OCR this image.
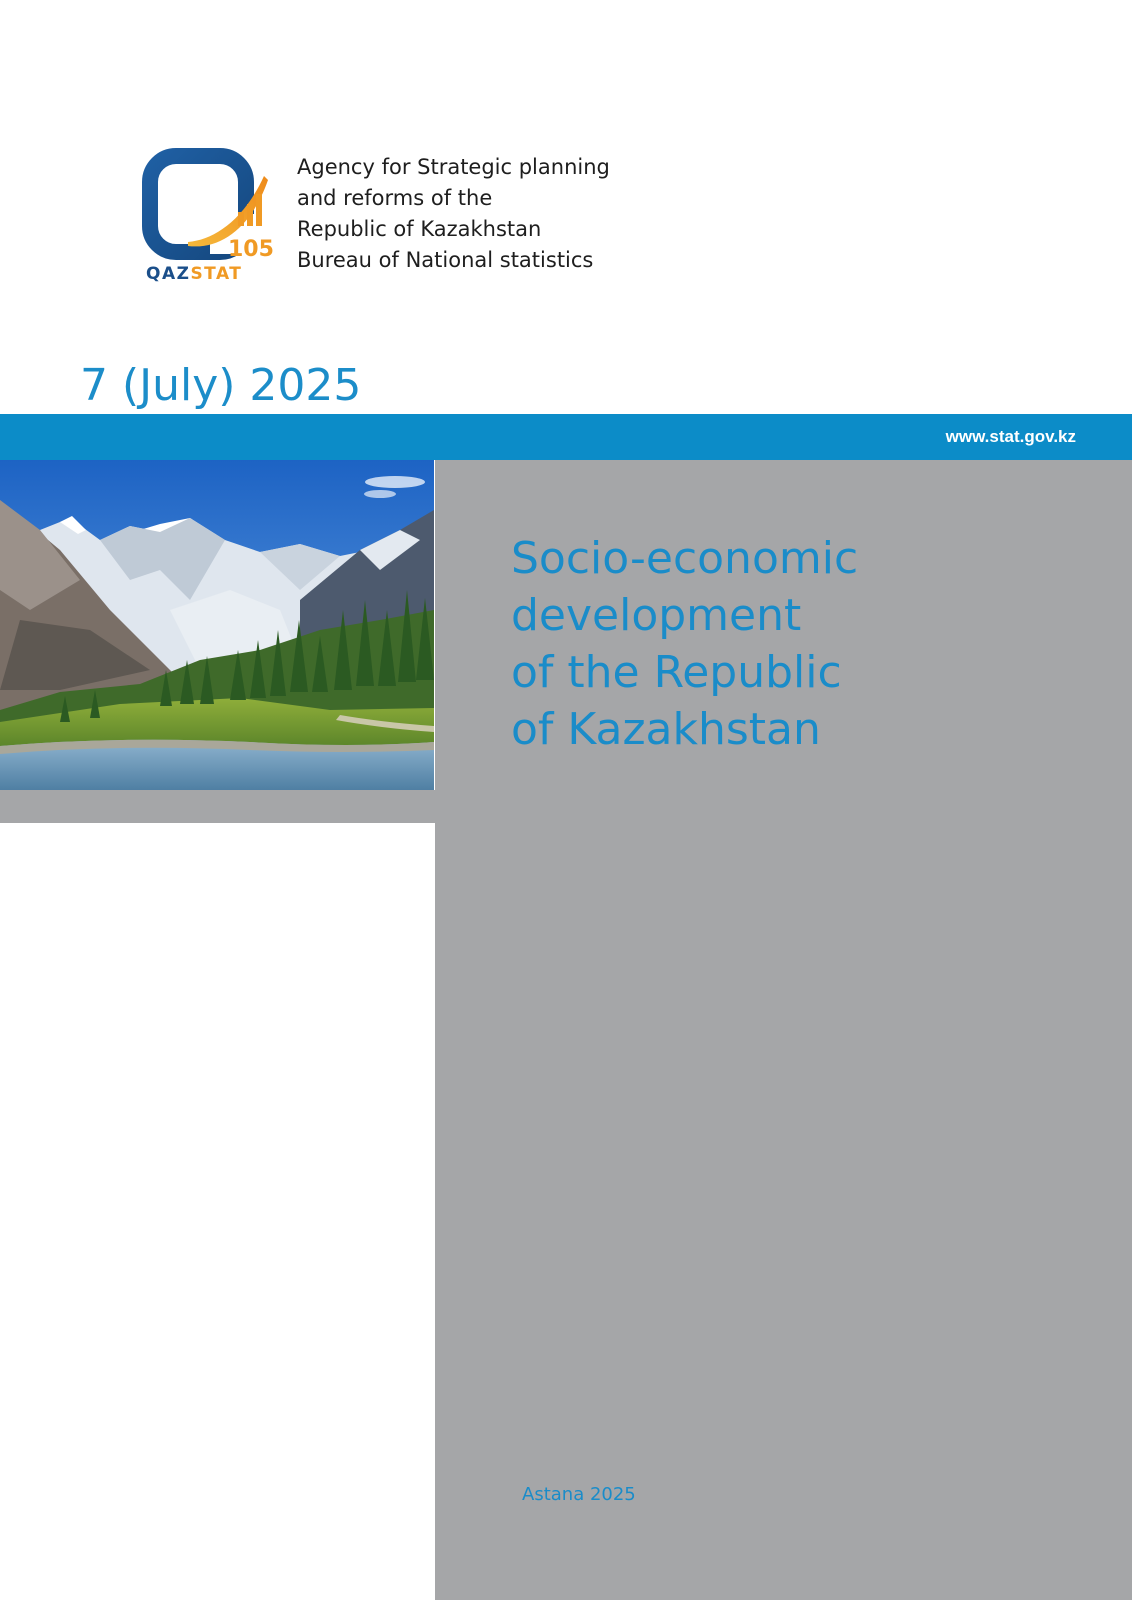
105
QAZSTAT
Agency for Strategic planning
and reforms of the
Republic of Kazakhstan
Bureau of National statistics
7 (July) 2025
www.stat.gov.kz
Socio-economic
development
of the Republic
of Kazakhstan
Astana 2025
